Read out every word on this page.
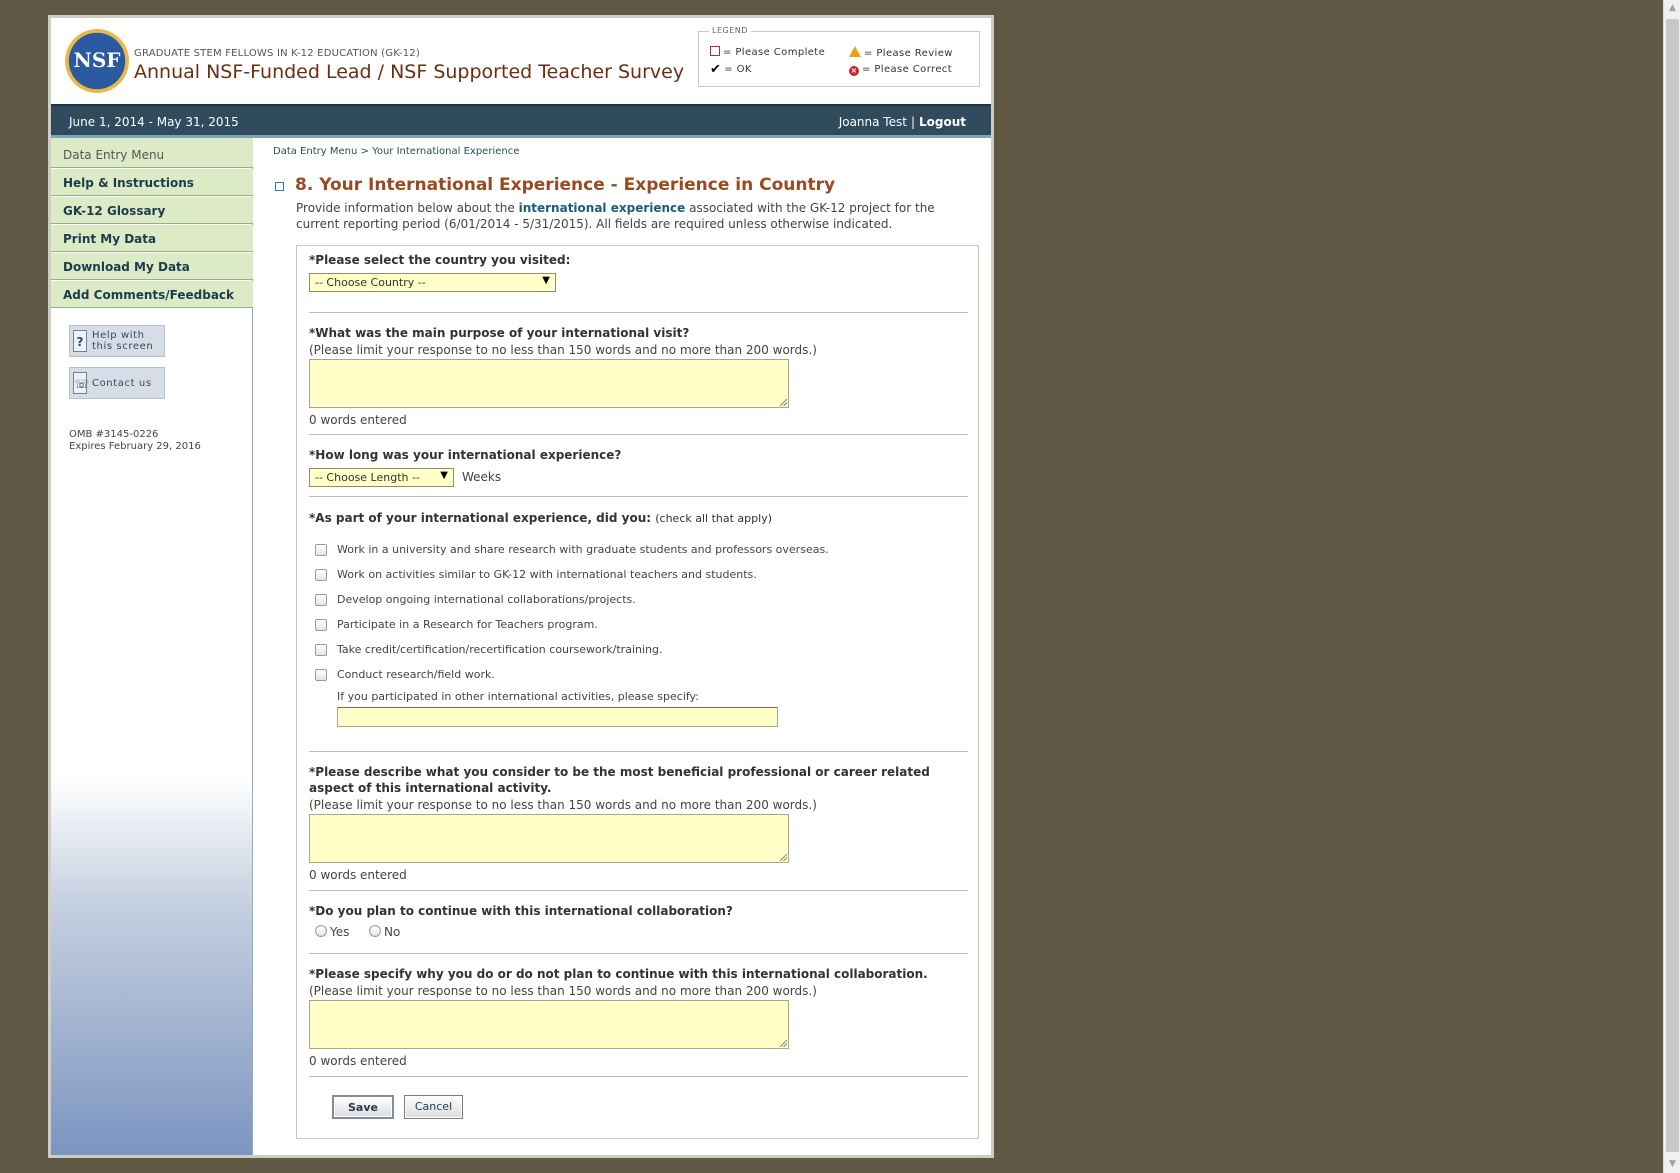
▲
▼
NSF	GRADUATE STEM FELLOWS IN K-12 EDUCATION (GK-12)
Annual NSF-Funded Lead / NSF Supported Teacher Survey
LEGEND
= Please Complete	= Please Review
✔ = OK	× = Please Correct
June 1, 2014 - May 31, 2015	Joanna Test | Logout
Data Entry Menu
Help & Instructions
GK-12 Glossary
Print My Data
Download My Data
Add Comments/Feedback
? Help with
this screen
☏ Contact us
OMB #3145-0226
Expires February 29, 2016
Data Entry Menu > Your International Experience
8. Your International Experience - Experience in Country
Provide information below about the international experience associated with the GK-12 project for the current reporting period (6/01/2014 - 5/31/2015). All fields are required unless otherwise indicated.
*Please select the country you visited:
-- Choose Country --	▼
*What was the main purpose of your international visit?
(Please limit your response to no less than 150 words and no more than 200 words.)
0 words entered
*How long was your international experience?
-- Choose Length -- ▼ Weeks
*As part of your international experience, did you: (check all that apply)
Work in a university and share research with graduate students and professors overseas.
Work on activities similar to GK-12 with international teachers and students.
Develop ongoing international collaborations/projects.
Participate in a Research for Teachers program.
Take credit/certification/recertification coursework/training.
Conduct research/field work.
If you participated in other international activities, please specify:
*Please describe what you consider to be the most beneficial professional or career related
aspect of this international activity.
(Please limit your response to no less than 150 words and no more than 200 words.)
0 words entered
*Do you plan to continue with this international collaboration?
Yes	No
*Please specify why you do or do not plan to continue with this international collaboration.
(Please limit your response to no less than 150 words and no more than 200 words.)
0 words entered
Save	Cancel
